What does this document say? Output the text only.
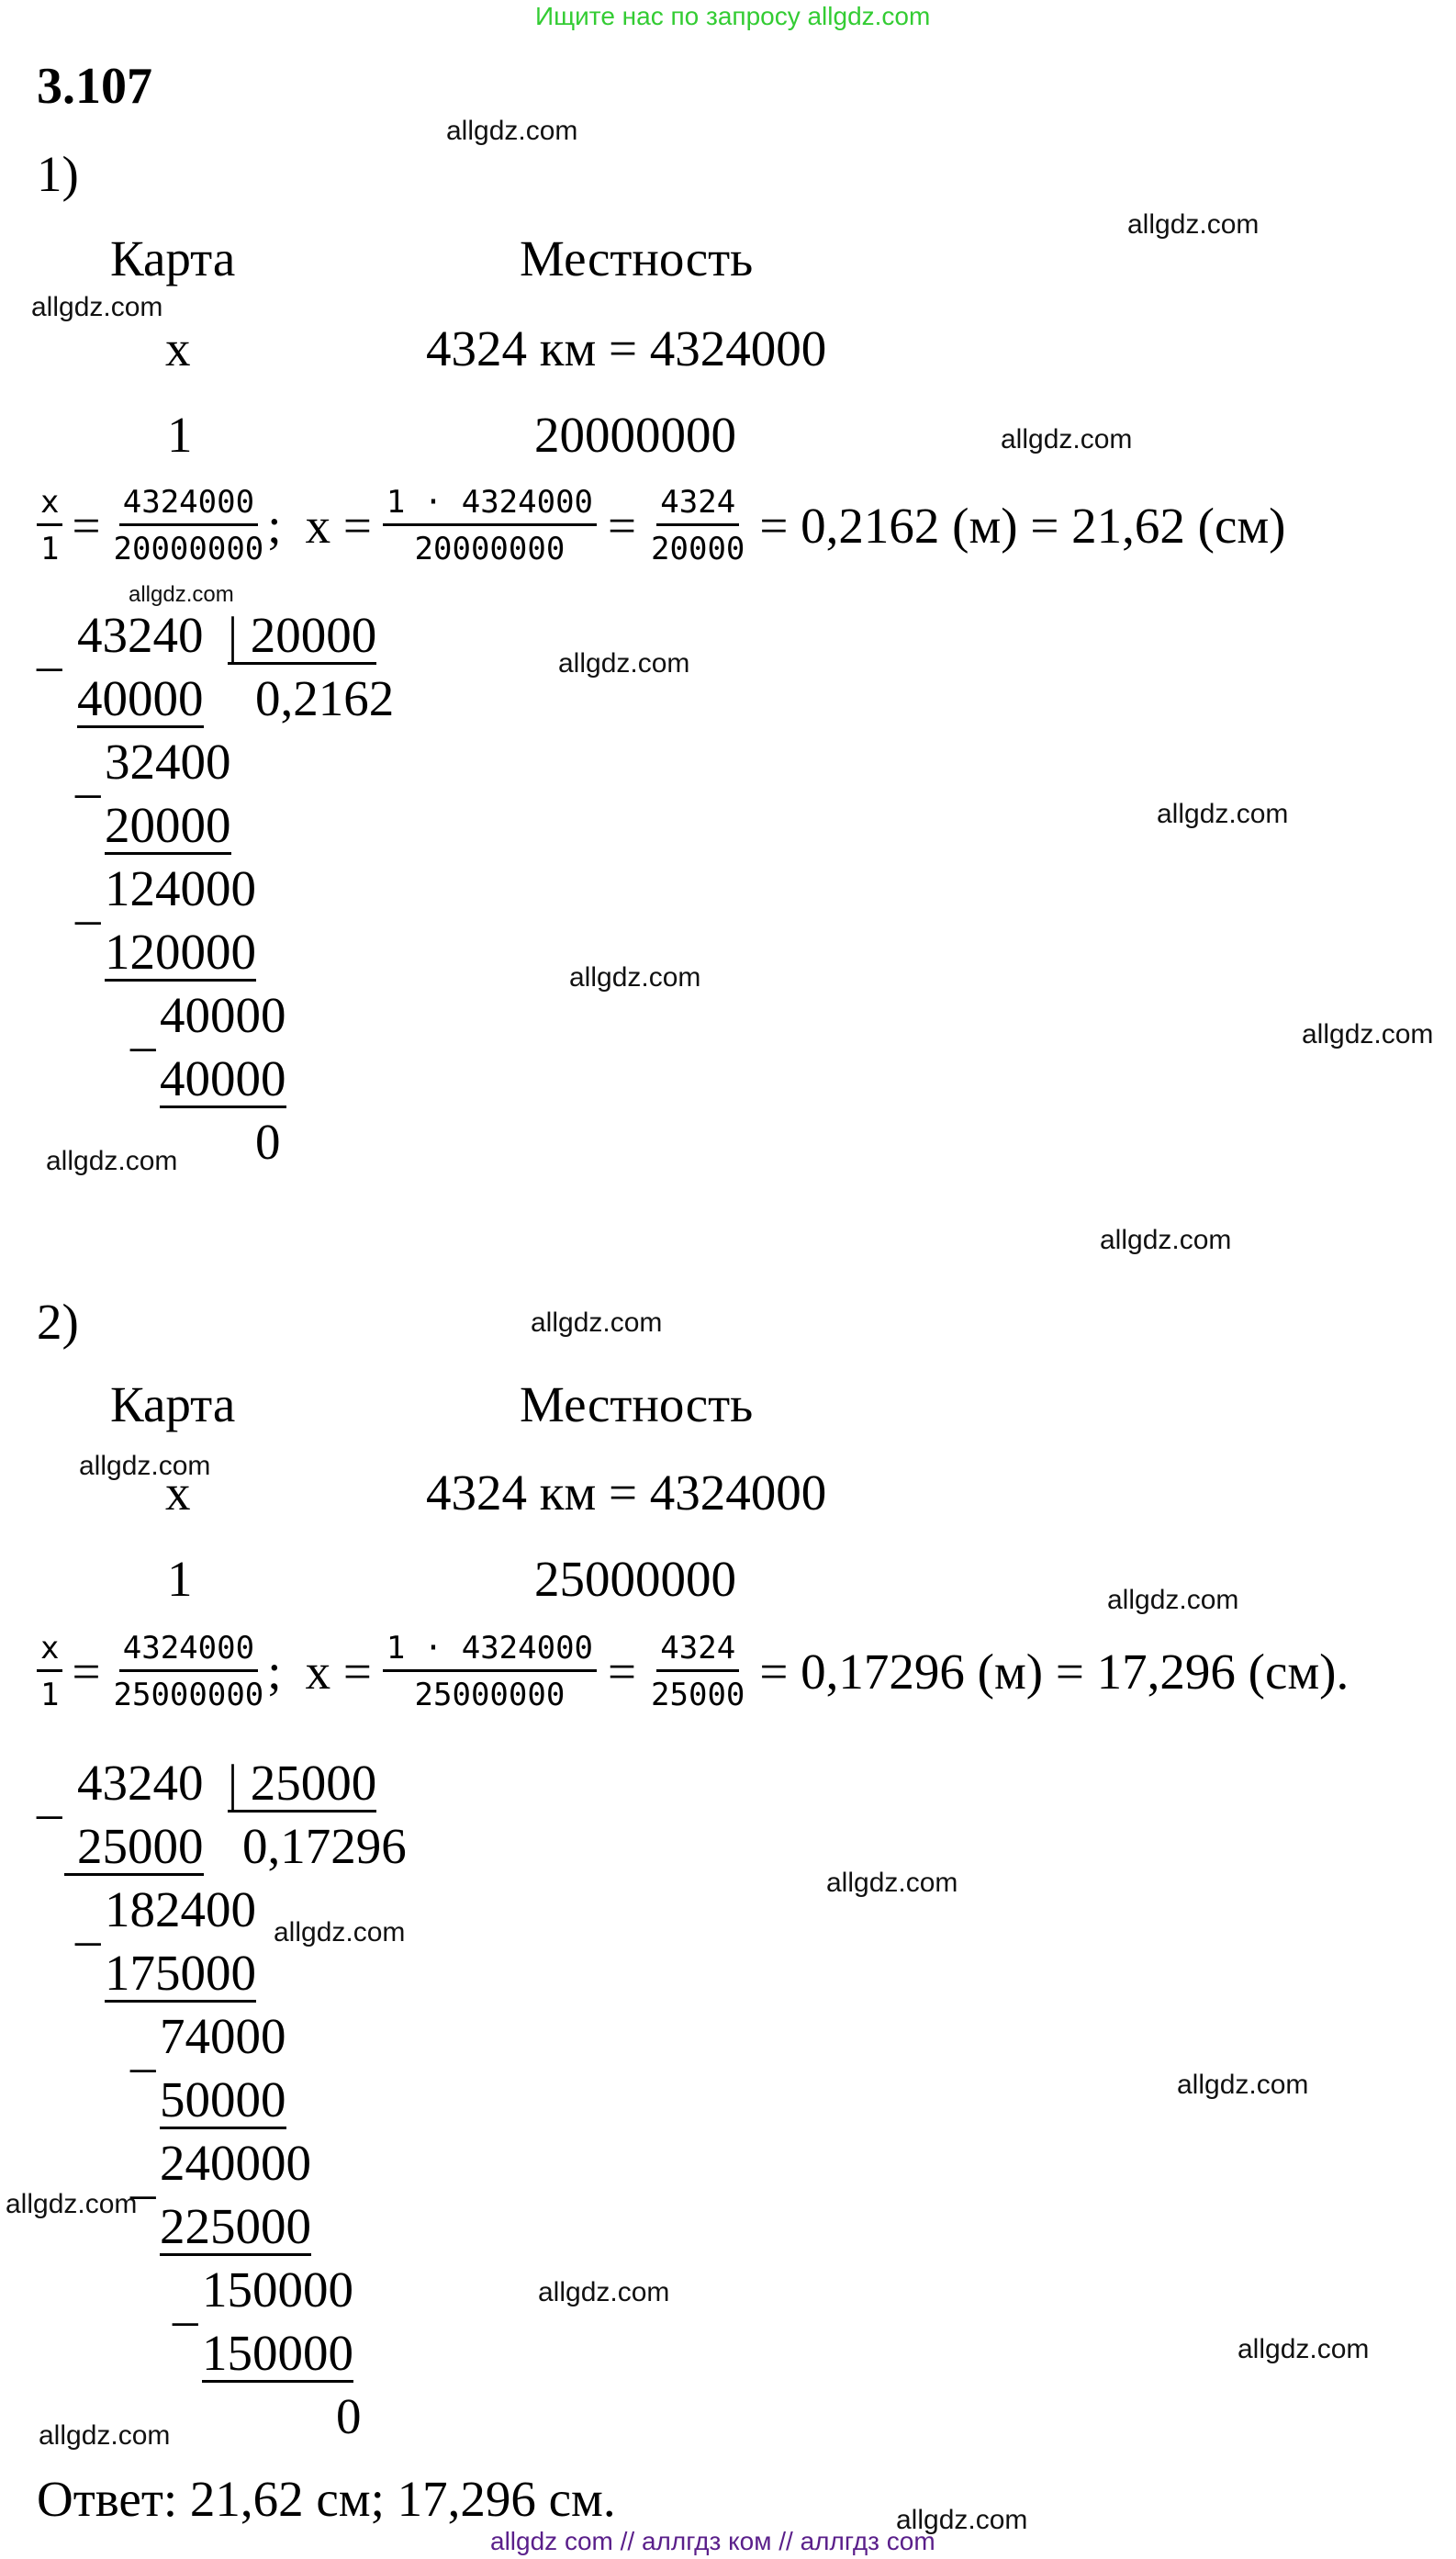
Ищите нас по запросу allgdz.com
3.107
1)
Карта	Местность
x	4324 км = 4324000
1	20000000
$\frac{x}{1} = \frac{4324000}{20000000}$ ; $x = \frac{1 \cdot 4324000}{20000000} = \frac{4324}{20000} = 0,2162$ (м) = 21,62 (см)
_ 43240 | 20000
40000 0,2162
_ 32400
20000
_ 124000
120000
_ 40000
40000
0
2)
Карта	Местность
x	4324 км = 4324000
1	25000000
$\frac{x}{1} = \frac{4324000}{25000000}$ ; $x = \frac{1 \cdot 4324000}{25000000} = \frac{4324}{25000} = 0,17296$ (м) = 17,296 (см).
_ 43240 | 25000
25000 0,17296
_ 182400
175000
_ 74000
50000
_ 240000
225000
_ 150000
150000
0
Ответ: 21,62 см; 17,296 см.
allgdz com // аллгдз ком // аллгдз com
allgdz.com
allgdz.com
allgdz.com
allgdz.com
allgdz.com
allgdz.com
allgdz.com
allgdz.com
allgdz.com
allgdz.com
allgdz.com
allgdz.com
allgdz.com
allgdz.com
allgdz.com
allgdz.com
allgdz.com
allgdz.com
allgdz.com
allgdz.com
allgdz.com
allgdz.com
